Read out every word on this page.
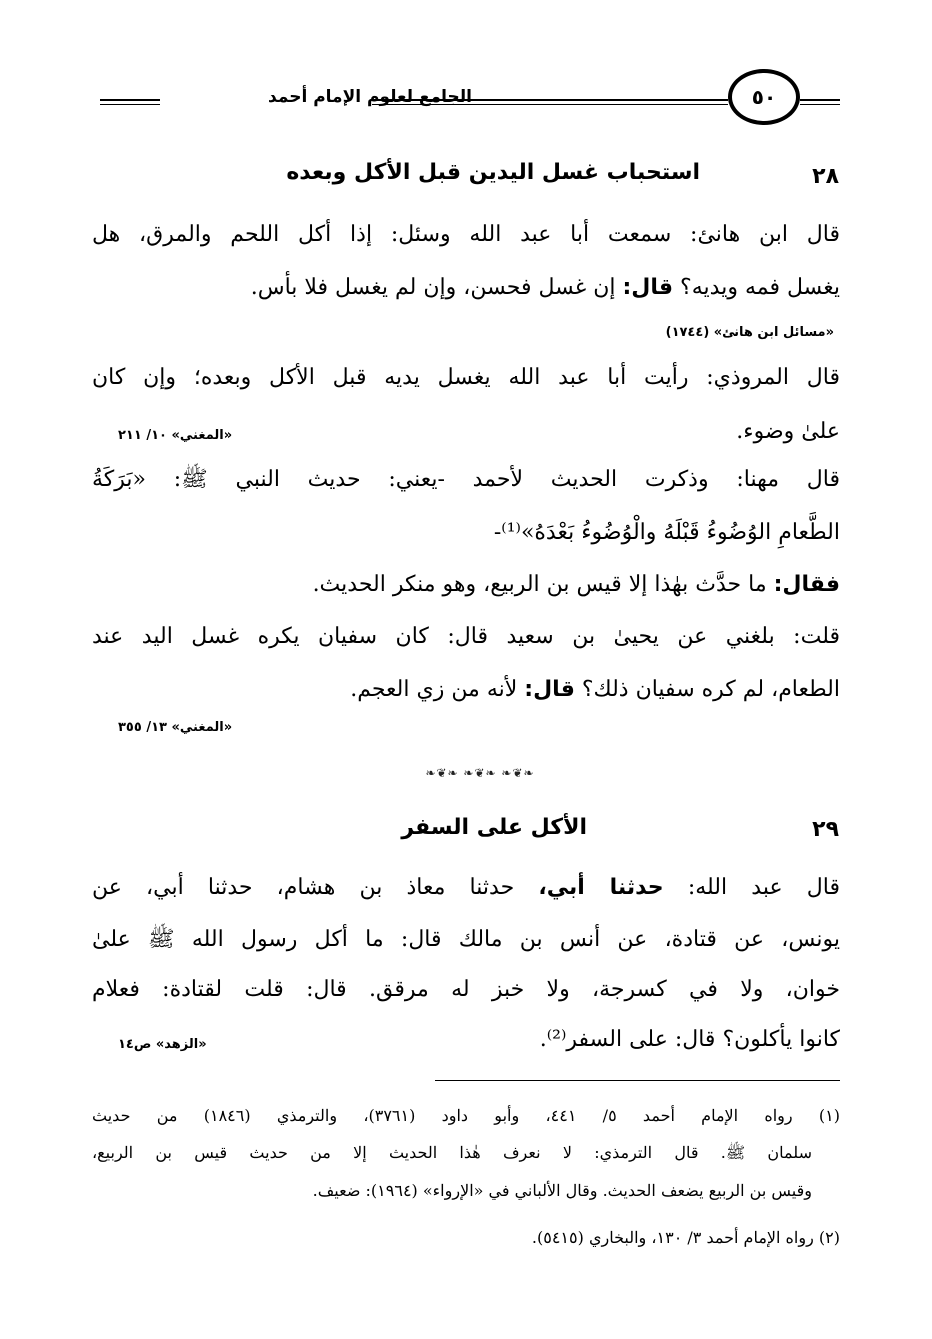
الجامع لعلوم الإمام أحمد	٥٠
٢٨
استحباب غسل اليدين قبل الأكل وبعده
قال ابن هانئ: سمعت أبا عبد الله وسئل: إذا أكل اللحم والمرق، هل
يغسل فمه ويديه؟ قال: إن غسل فحسن، وإن لم يغسل فلا بأس.
«مسائل ابن هانئ» (١٧٤٤)
قال المروذي: رأيت أبا عبد الله يغسل يديه قبل الأكل وبعده؛ وإن كان
علىٰ وضوء.
«المغني» ١٠/ ٢١١
قال مهنا: وذكرت الحديث لأحمد -يعني: حديث النبي ﷺ: «بَرَكَةُ
الطَّعامِ الوُضُوءُ قَبْلَهُ والْوُضُوءُ بَعْدَهُ»⁽¹⁾-
فقال: ما حدَّث بهٰذا إلا قيس بن الربيع، وهو منكر الحديث.
قلت: بلغني عن يحيىٰ بن سعيد قال: كان سفيان يكره غسل اليد عند
الطعام، لم كره سفيان ذلك؟ قال: لأنه من زي العجم.
«المغني» ١٣/ ٣٥٥
❧❦❧ ❧❦❧ ❧❦❧
٢٩
الأكل على السفر
قال عبد الله: حدثنا أبي، حدثنا معاذ بن هشام، حدثنا أبي، عن
يونس، عن قتادة، عن أنس بن مالك قال: ما أكل رسول الله ﷺ علىٰ
خوان، ولا في كسرجة، ولا خبز له مرقق. قال: قلت لقتادة: فعلام
كانوا يأكلون؟ قال: على السفر⁽²⁾.
«الزهد» ص١٤
(١) رواه الإمام أحمد ٥/ ٤٤١، وأبو داود (٣٧٦١)، والترمذي (١٨٤٦) من حديث
سلمان ﷺ. قال الترمذي: لا نعرف هٰذا الحديث إلا من حديث قيس بن الربيع،
وقيس بن الربيع يضعف الحديث. وقال الألباني في «الإرواء» (١٩٦٤): ضعيف.
(٢) رواه الإمام أحمد ٣/ ١٣٠، والبخاري (٥٤١٥).
